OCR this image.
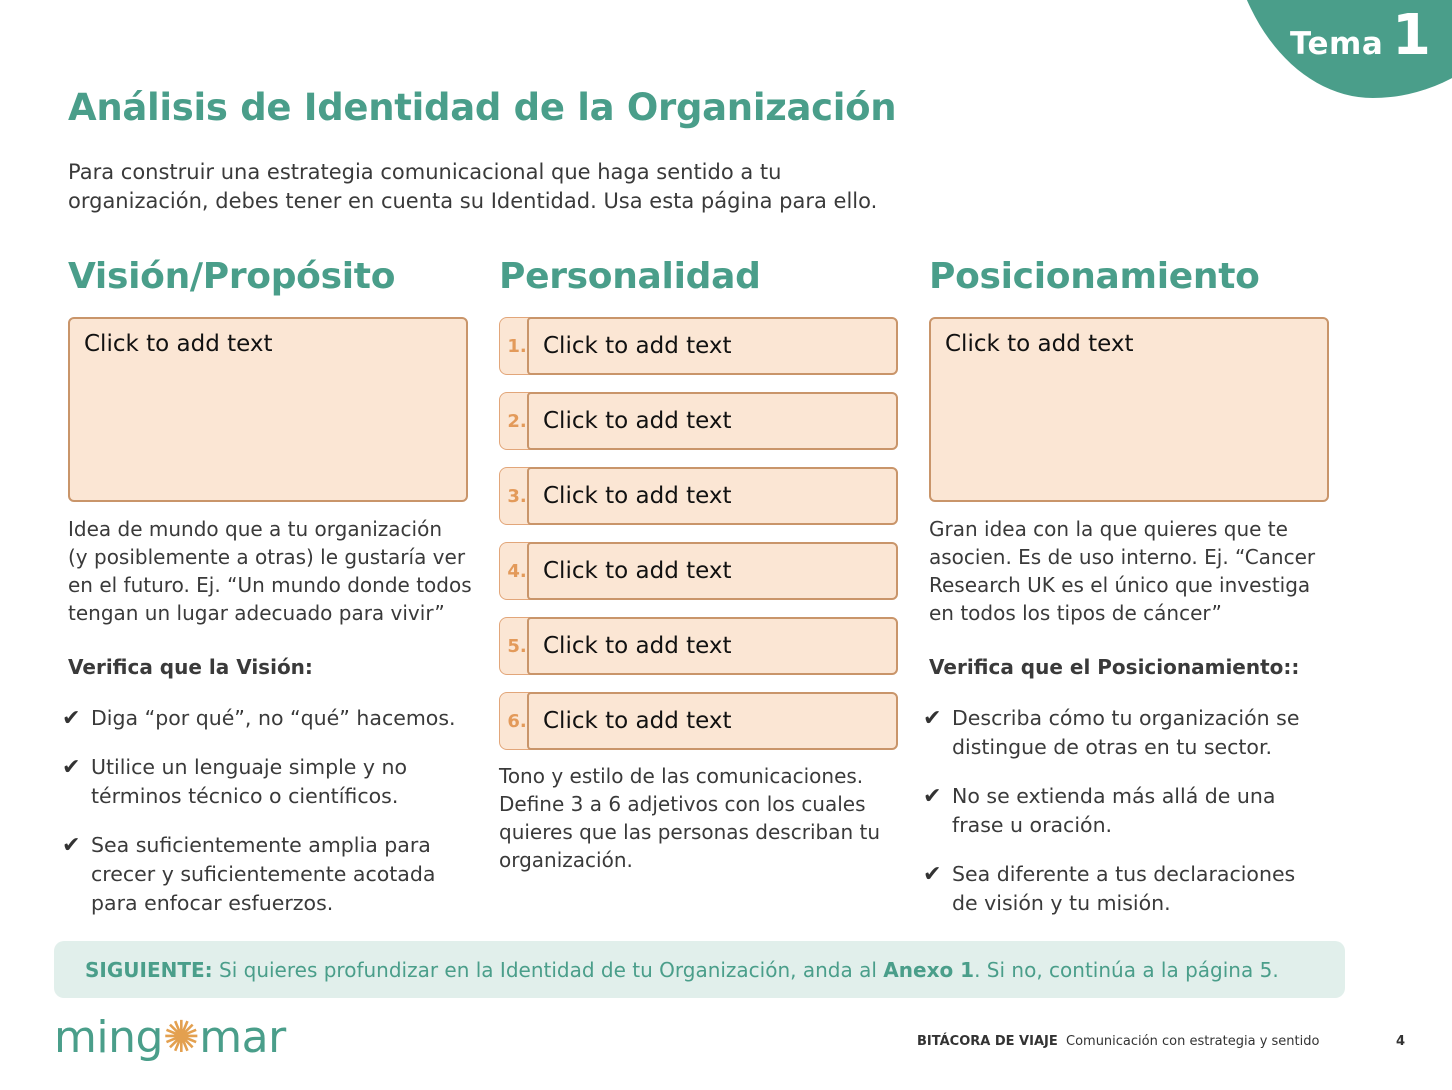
Tema 1
Análisis de Identidad de la Organización
Para construir una estrategia comunicacional que haga sentido a tu
organización, debes tener en cuenta su Identidad. Usa esta página para ello.
Visión/Propósito
Click to add text
Idea de mundo que a tu organización
(y posiblemente a otras) le gustaría ver
en el futuro. Ej. “Un mundo donde todos
tengan un lugar adecuado para vivir”
Verifica que la Visión:
✔ Diga “por qué”, no “qué” hacemos.
✔ Utilice un lenguaje simple y no
términos técnico o científicos.
✔ Sea suficientemente amplia para
crecer y suficientemente acotada
para enfocar esfuerzos.
Personalidad
1. Click to add text
2. Click to add text
3. Click to add text
4. Click to add text
5. Click to add text
6. Click to add text
Tono y estilo de las comunicaciones.
Define 3 a 6 adjetivos con los cuales
quieres que las personas describan tu
organización.
Posicionamiento
Click to add text
Gran idea con la que quieres que te
asocien. Es de uso interno. Ej. “Cancer
Research UK es el único que investiga
en todos los tipos de cáncer”
Verifica que el Posicionamiento::
✔ Describa cómo tu organización se
distingue de otras en tu sector.
✔ No se extienda más allá de una
frase u oración.
✔ Sea diferente a tus declaraciones
de visión y tu misión.
SIGUIENTE:
Si quieres profundizar en la Identidad de tu Organización, anda al
Anexo 1 . Si no, continúa a la página 5.
ming✺mar	BITÁCORA DE VIAJE Comunicación con estrategia y sentido	4
